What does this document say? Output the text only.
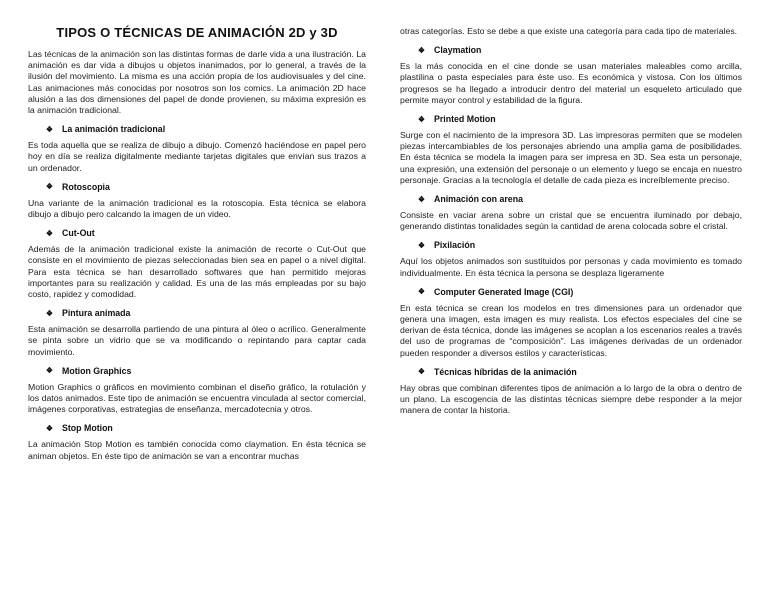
TIPOS O TÉCNICAS DE ANIMACIÓN 2D y 3D

Las técnicas de la animación son las distintas formas de darle vida a una ilustración. La animación es dar vida a dibujos u objetos inanimados, por lo general, a través de la ilusión del movimiento. La misma es una acción propia de los audiovisuales y del cine. Las animaciones más conocidas por nosotros son los comics. La animación 2D hace alusión a las dos dimensiones del papel de donde provienen, su máxima expresión es la animación tradicional.

❖ La animación tradicional

Es toda aquella que se realiza de dibujo a dibujo. Comenzó haciéndose en papel pero hoy en día se realiza digitalmente mediante tarjetas digitales que envían sus trazos a un ordenador.

❖ Rotoscopia

Una variante de la animación tradicional es la rotoscopia. Esta técnica se elabora dibujo a dibujo pero calcando la imagen de un video.

❖ Cut-Out

Además de la animación tradicional existe la animación de recorte o Cut-Out que consiste en el movimiento de piezas seleccionadas bien sea en papel o a nivel digital. Para esta técnica se han desarrollado softwares que han permitido mejoras importantes para su realización y calidad. Es una de las más empleadas por su bajo costo, rapidez y comodidad.

❖ Pintura animada

Esta animación se desarrolla partiendo de una pintura al óleo o acrílico. Generalmente se pinta sobre un vidrio que se va modificando o repintando para captar cada movimiento.

❖ Motion Graphics

Motion Graphics o gráficos en movimiento combinan el diseño gráfico, la rotulación y los datos animados. Este tipo de animación se encuentra vinculada al sector comercial, imágenes corporativas, estrategias de enseñanza, mercadotecnia y otros.

❖ Stop Motion

La animación Stop Motion es también conocida como claymation. En ésta técnica se animan objetos. En éste tipo de animación se van a encontrar muchas

otras categorías. Esto se debe a que existe una categoría para cada tipo de materiales.

❖ Claymation

Es la más conocida en el cine donde se usan materiales maleables como arcilla, plastilina o pasta especiales para éste uso. Es económica y vistosa. Con los últimos progresos se ha llegado a introducir dentro del material un esqueleto articulado que permite mayor control y estabilidad de la figura.

❖ Printed Motion

Surge con el nacimiento de la impresora 3D. Las impresoras permiten que se modelen piezas intercambiables de los personajes abriendo una amplia gama de posibilidades. En ésta técnica se modela la imagen para ser impresa en 3D. Sea esta un personaje, una expresión, una extensión del personaje o un elemento y luego se encaja en nuestro personaje. Gracias a la tecnología el detalle de cada pieza es increíblemente preciso.

❖ Animación con arena

Consiste en vaciar arena sobre un cristal que se encuentra iluminado por debajo, generando distintas tonalidades según la cantidad de arena colocada sobre el cristal.

❖ Pixilación

Aquí los objetos animados son sustituidos por personas y cada movimiento es tomado individualmente. En ésta técnica la persona se desplaza ligeramente

❖ Computer Generated Image (CGI)

En esta técnica se crean los modelos en tres dimensiones para un ordenador que genera una imagen, esta imagen es muy realista. Los efectos especiales del cine se derivan de ésta técnica, donde las imágenes se acoplan a los escenarios reales a través del uso de programas de “composición”. Las imágenes derivadas de un ordenador pueden responder a diversos estilos y características.

❖ Técnicas híbridas de la animación

Hay obras que combinan diferentes tipos de animación a lo largo de la obra o dentro de un plano. La escogencia de las distintas técnicas siempre debe responder a la mejor manera de contar la historia.
